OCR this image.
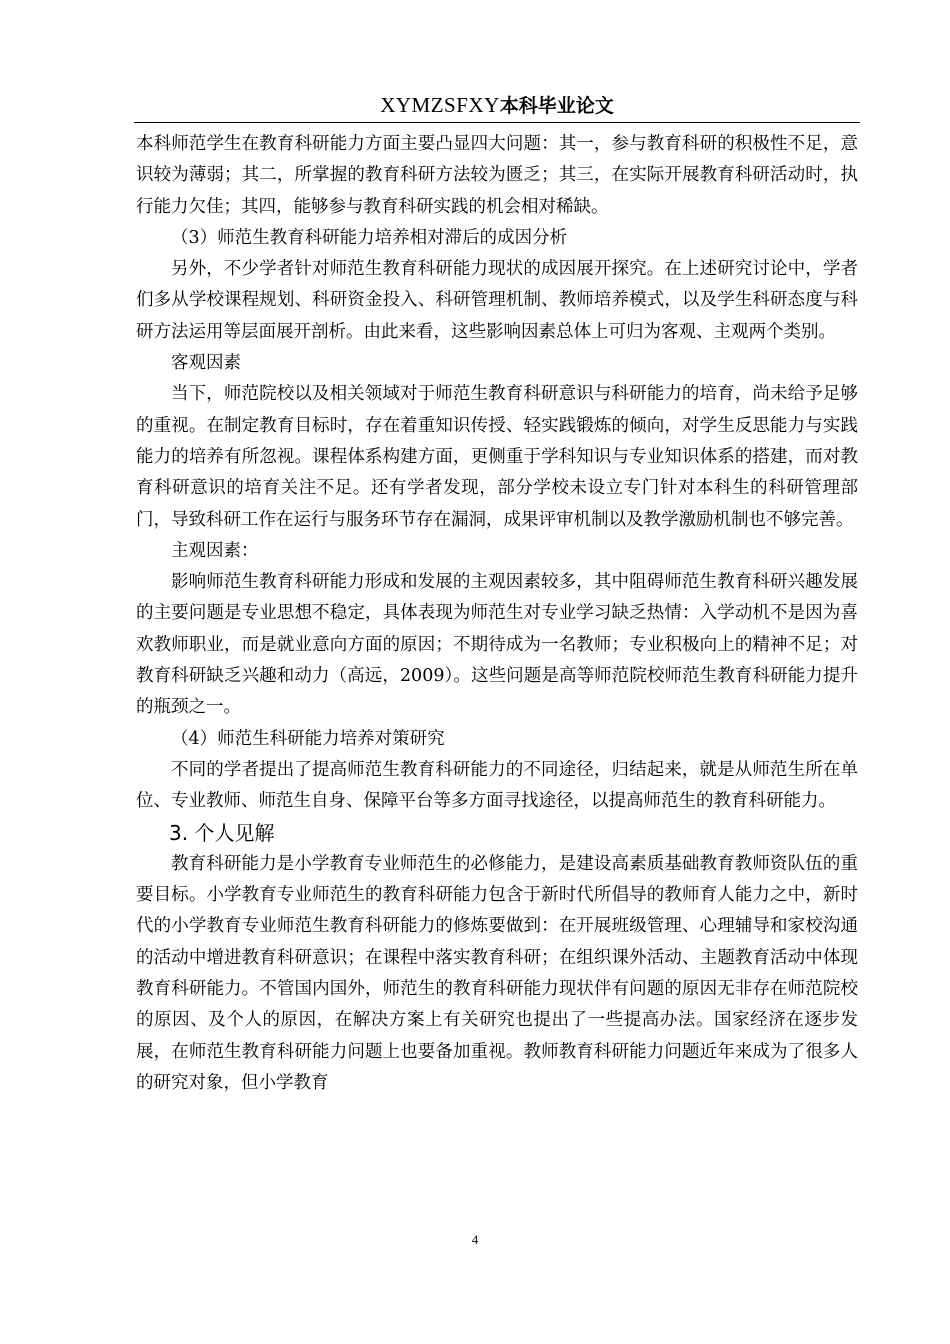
XYMZSFXY本科毕业论文

本科师范学生在教育科研能力方面主要凸显四大问题：其一，参与教育科研的积极性不足，意识较为薄弱；其二，所掌握的教育科研方法较为匮乏；其三，在实际开展教育科研活动时，执行能力欠佳；其四，能够参与教育科研实践的机会相对稀缺。

（3）师范生教育科研能力培养相对滞后的成因分析

另外，不少学者针对师范生教育科研能力现状的成因展开探究。在上述研究讨论中，学者们多从学校课程规划、科研资金投入、科研管理机制、教师培养模式，以及学生科研态度与科研方法运用等层面展开剖析。由此来看，这些影响因素总体上可归为客观、主观两个类别。

客观因素

当下，师范院校以及相关领域对于师范生教育科研意识与科研能力的培育，尚未给予足够的重视。在制定教育目标时，存在着重知识传授、轻实践锻炼的倾向，对学生反思能力与实践能力的培养有所忽视。课程体系构建方面，更侧重于学科知识与专业知识体系的搭建，而对教育科研意识的培育关注不足。还有学者发现，部分学校未设立专门针对本科生的科研管理部门，导致科研工作在运行与服务环节存在漏洞，成果评审机制以及教学激励机制也不够完善。

主观因素：

影响师范生教育科研能力形成和发展的主观因素较多，其中阻碍师范生教育科研兴趣发展的主要问题是专业思想不稳定，具体表现为师范生对专业学习缺乏热情：入学动机不是因为喜欢教师职业，而是就业意向方面的原因；不期待成为一名教师；专业积极向上的精神不足；对教育科研缺乏兴趣和动力（高远，2009）。这些问题是高等师范院校师范生教育科研能力提升的瓶颈之一。

（4）师范生科研能力培养对策研究

不同的学者提出了提高师范生教育科研能力的不同途径，归结起来，就是从师范生所在单位、专业教师、师范生自身、保障平台等多方面寻找途径，以提高师范生的教育科研能力。

3. 个人见解

教育科研能力是小学教育专业师范生的必修能力，是建设高素质基础教育教师资队伍的重要目标。小学教育专业师范生的教育科研能力包含于新时代所倡导的教师育人能力之中，新时代的小学教育专业师范生教育科研能力的修炼要做到：在开展班级管理、心理辅导和家校沟通的活动中增进教育科研意识；在课程中落实教育科研；在组织课外活动、主题教育活动中体现教育科研能力。不管国内国外，师范生的教育科研能力现状伴有问题的原因无非存在师范院校的原因、及个人的原因，在解决方案上有关研究也提出了一些提高办法。国家经济在逐步发展，在师范生教育科研能力问题上也要备加重视。教师教育科研能力问题近年来成为了很多人的研究对象，但小学教育

4
